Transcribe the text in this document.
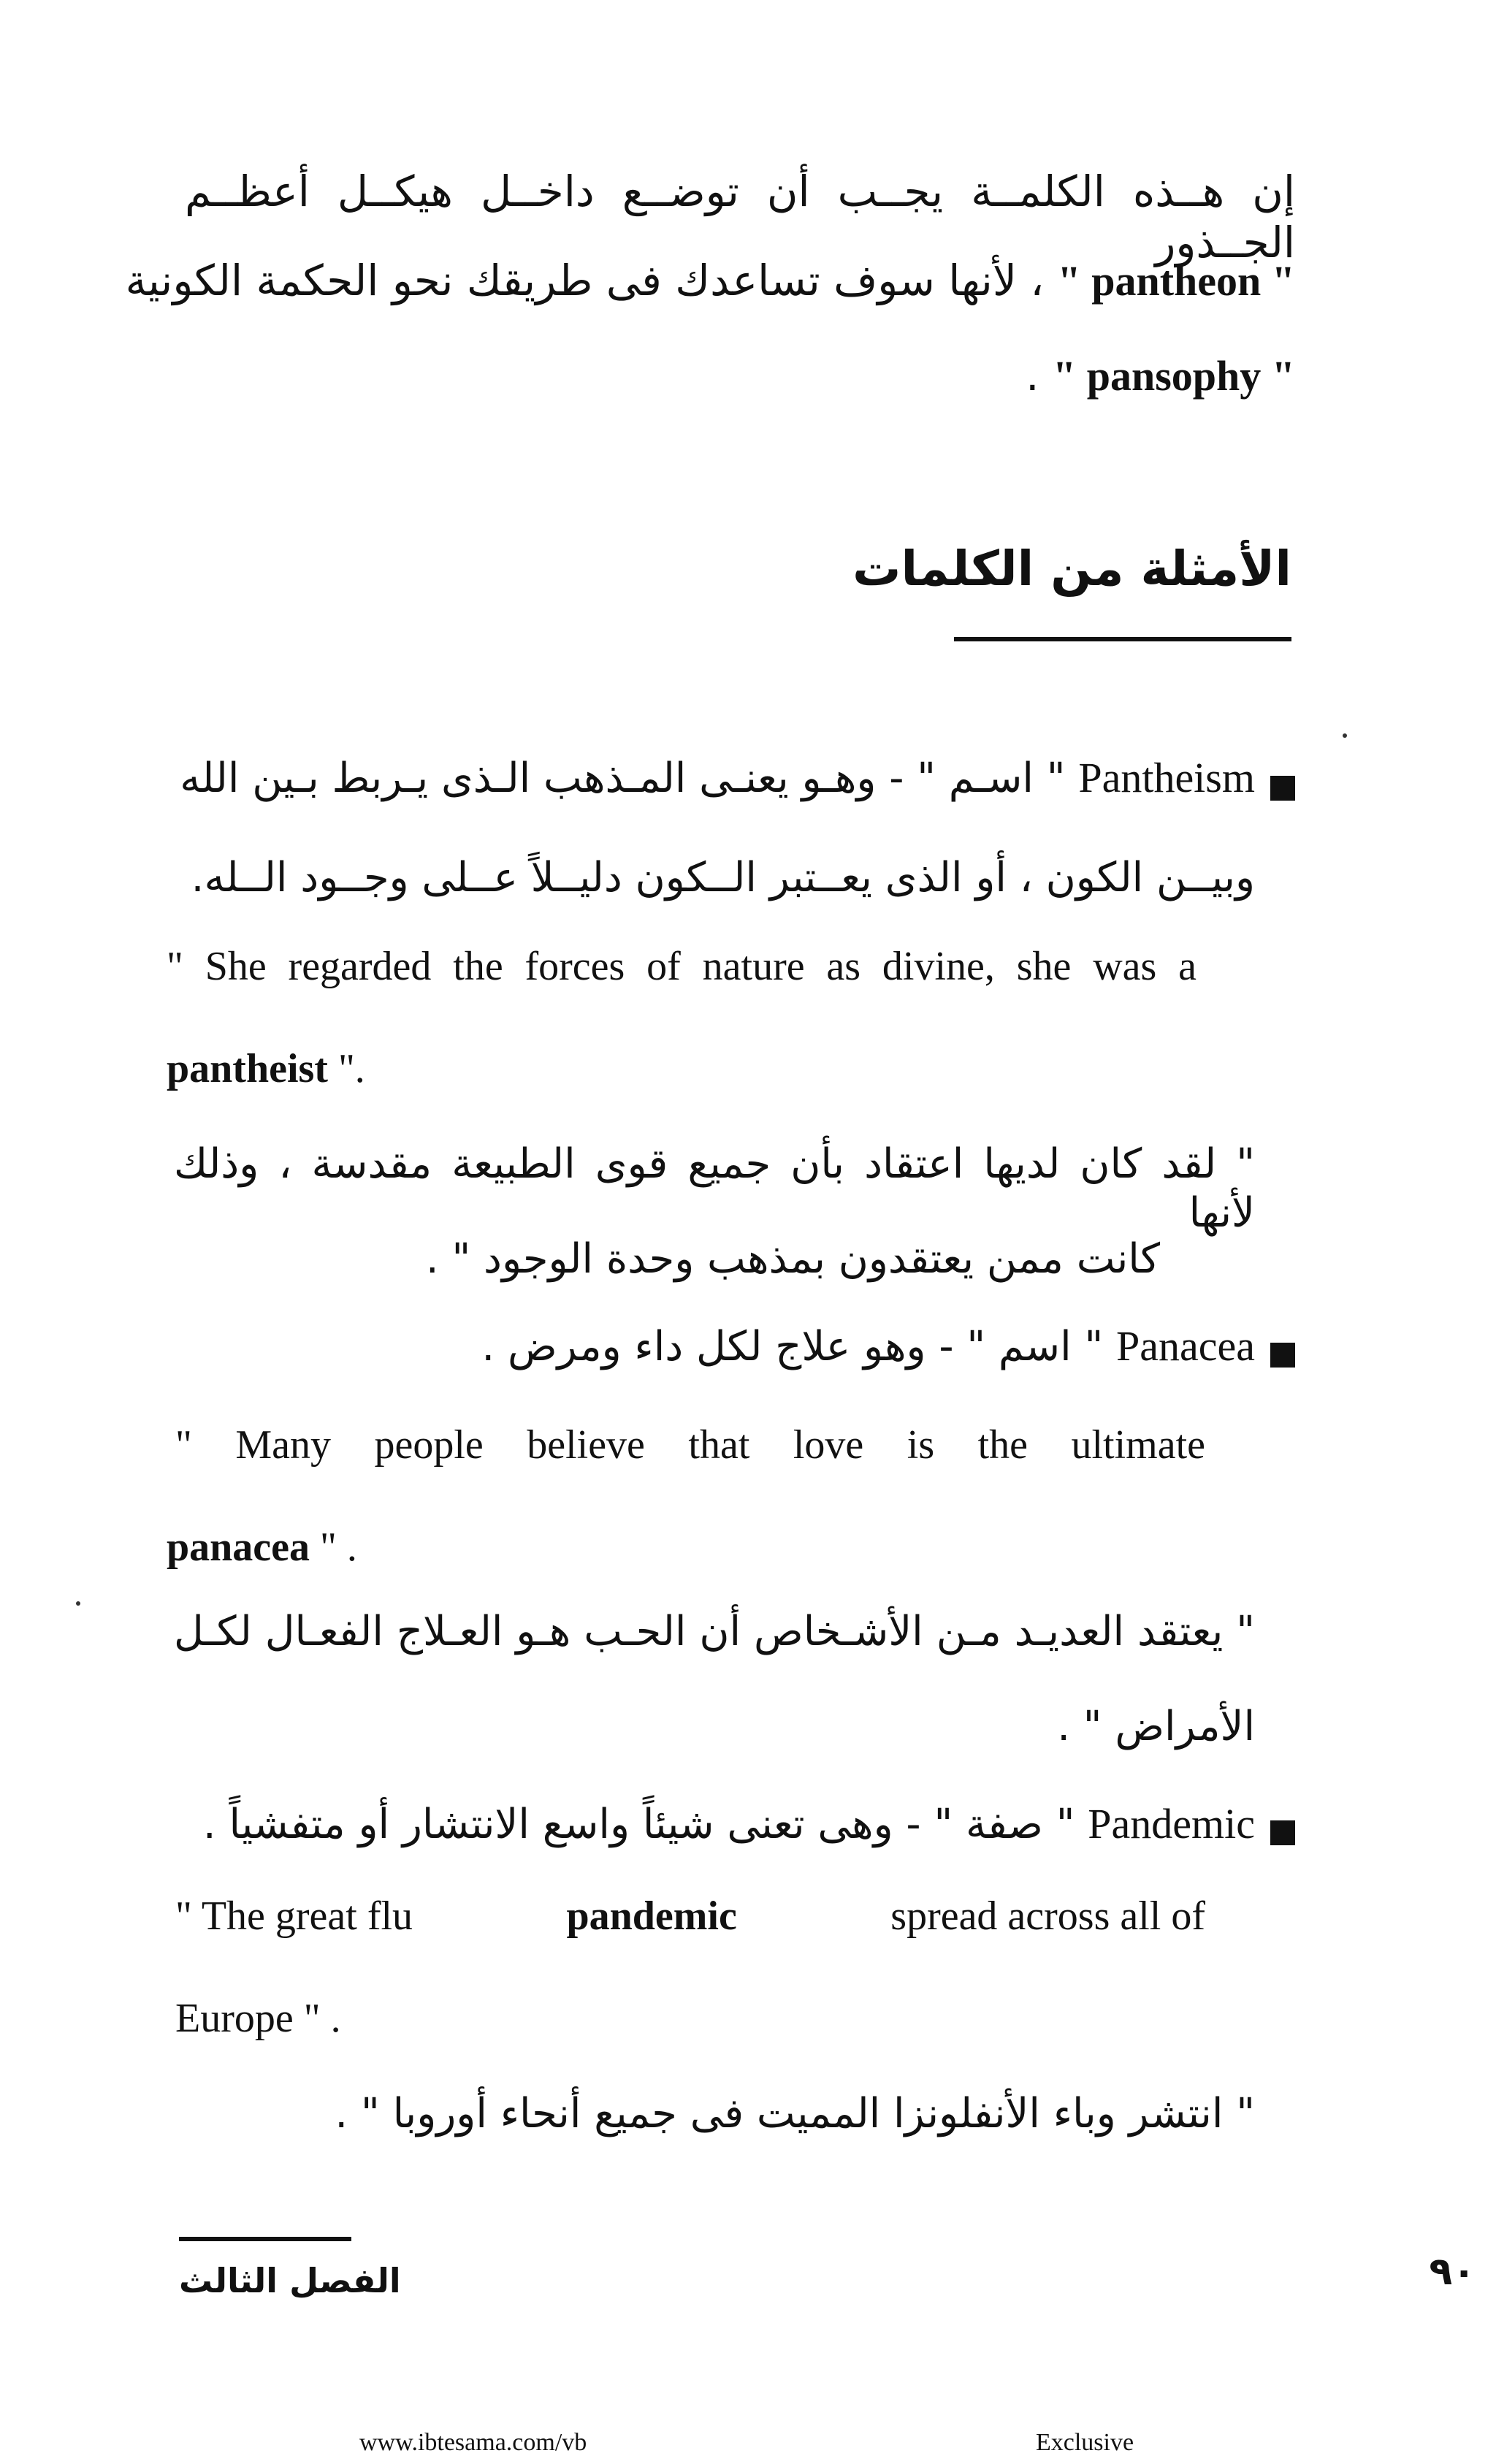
إن هــذه الكلمــة يجــب أن توضــع داخــل هيكــل أعظــم الجــذور
" pantheon " ، لأنها سوف تساعدك فى طريقك نحو الحكمة الكونية
" pansophy " .
الأمثلة من الكلمات
Pantheism " اسـم " - وهـو يعنـى المـذهب الـذى يـربط بـين الله
وبيــن الكون ، أو الذى يعــتبر الــكون دليــلاً عــلى وجــود الــله.
" She regarded the forces of nature as divine, she was a
pantheist ".
" لقد كان لديها اعتقاد بأن جميع قوى الطبيعة مقدسة ، وذلك لأنها
كانت ممن يعتقدون بمذهب وحدة الوجود " .
Panacea " اسم " - وهو علاج لكل داء ومرض .
" Many people believe that love is the ultimate
panacea " .
" يعتقد العديـد مـن الأشـخاص أن الحـب هـو العـلاج الفعـال لكـل
الأمراض " .
Pandemic " صفة " - وهى تعنى شيئاً واسع الانتشار أو متفشياً .
" The great flu	pandemic	spread across all of
Europe " .
" انتشر وباء الأنفلونزا المميت فى جميع أنحاء أوروبا " .
الفصل الثالث	٩٠
www.ibtesama.com/vb	Exclusive
